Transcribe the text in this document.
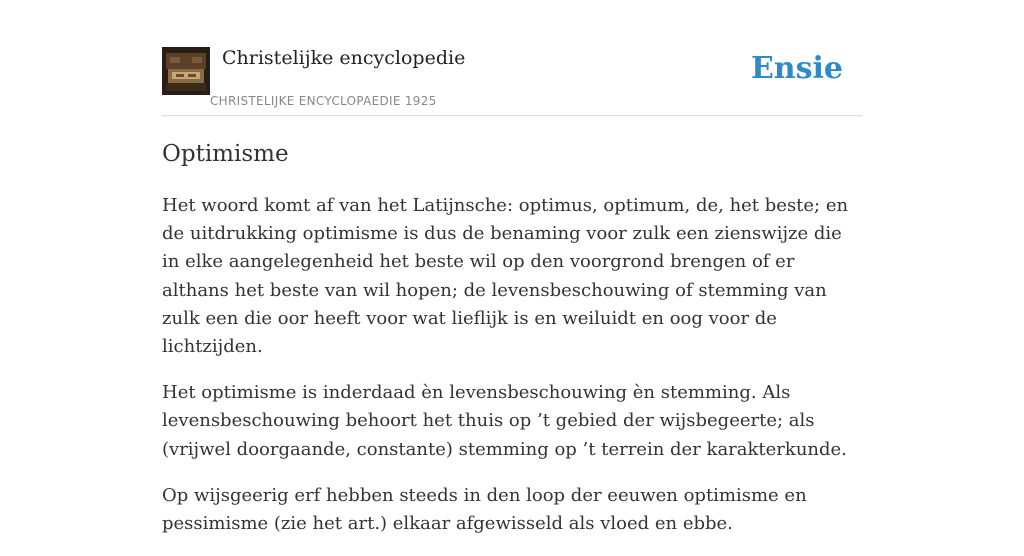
Christelijke encyclopedie
CHRISTELIJKE ENCYCLOPAEDIE 1925
Ensie
Optimisme

Het woord komt af van het Latijnsche: optimus, optimum, de, het beste; en de uitdrukking optimisme is dus de benaming voor zulk een zienswijze die in elke aangelegenheid het beste wil op den voorgrond brengen of er althans het beste van wil hopen; de levensbeschouwing of stemming van zulk een die oor heeft voor wat lieflijk is en weiluidt en oog voor de lichtzijden.

Het optimisme is inderdaad èn levensbeschouwing èn stemming. Als levensbeschouwing behoort het thuis op ’t gebied der wijsbegeerte; als (vrijwel doorgaande, constante) stemming op ’t terrein der karakterkunde.

Op wijsgeerig erf hebben steeds in den loop der eeuwen optimisme en pessimisme (zie het art.) elkaar afgewisseld als vloed en ebbe.
